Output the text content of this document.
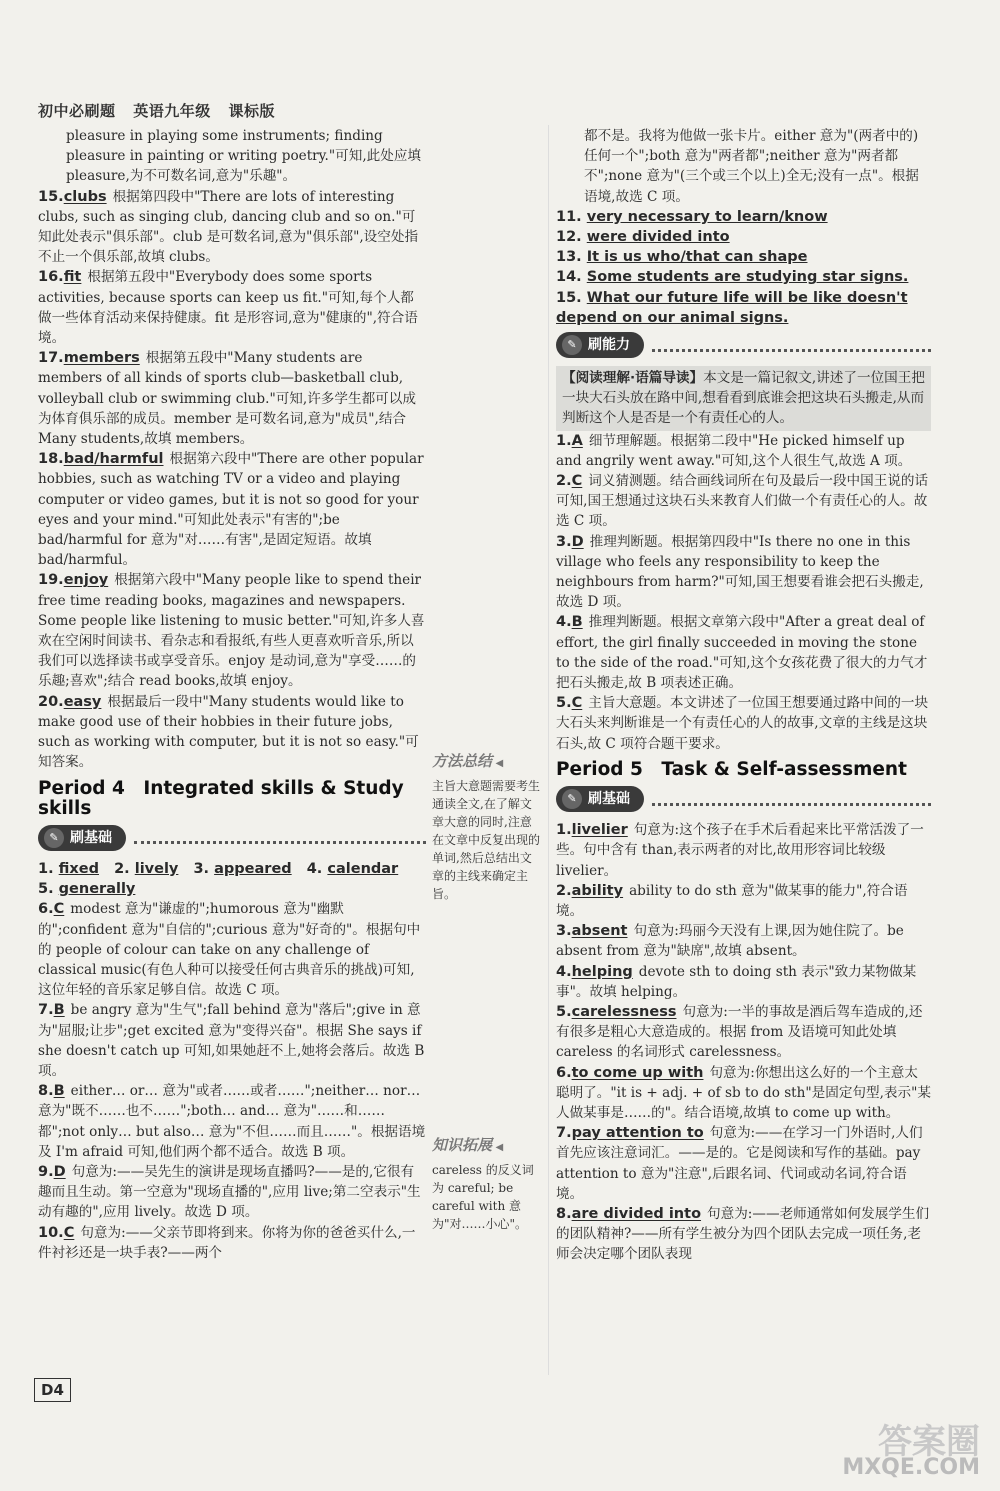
初中必刷题 英语九年级 课标版

pleasure in playing some instruments; finding pleasure in painting or writing poetry."可知,此处应填 pleasure,为不可数名词,意为"乐趣"。

15.clubs 根据第四段中"There are lots of interesting clubs, such as singing club, dancing club and so on."可知此处表示"俱乐部"。club 是可数名词,意为"俱乐部",设空处指不止一个俱乐部,故填 clubs。

16.fit 根据第五段中"Everybody does some sports activities, because sports can keep us fit."可知,每个人都做一些体育活动来保持健康。fit 是形容词,意为"健康的",符合语境。

17.members 根据第五段中"Many students are members of all kinds of sports club—basketball club, volleyball club or swimming club."可知,许多学生都可以成为体育俱乐部的成员。member 是可数名词,意为"成员",结合 Many students,故填 members。

18.bad/harmful 根据第六段中"There are other popular hobbies, such as watching TV or a video and playing computer or video games, but it is not so good for your eyes and your mind."可知此处表示"有害的";be bad/harmful for 意为"对……有害",是固定短语。故填 bad/harmful。

19.enjoy 根据第六段中"Many people like to spend their free time reading books, magazines and newspapers. Some people like listening to music better."可知,许多人喜欢在空闲时间读书、看杂志和看报纸,有些人更喜欢听音乐,所以我们可以选择读书或享受音乐。enjoy 是动词,意为"享受……的乐趣;喜欢";结合 read books,故填 enjoy。

20.easy 根据最后一段中"Many students would like to make good use of their hobbies in their future jobs, such as working with computer, but it is not so easy."可知答案。

Period 4　Integrated skills & Study skills
✎ 刷基础

1. fixed 2. lively 3. appeared 4. calendar

5. generally

6.C modest 意为"谦虚的";humorous 意为"幽默的";confident 意为"自信的";curious 意为"好奇的"。根据句中的 people of colour can take on any challenge of classical music(有色人种可以接受任何古典音乐的挑战)可知,这位年轻的音乐家足够自信。故选 C 项。

7.B be angry 意为"生气";fall behind 意为"落后";give in 意为"屈服;让步";get excited 意为"变得兴奋"。根据 She says if she doesn't catch up 可知,如果她赶不上,她将会落后。故选 B 项。

8.B either… or… 意为"或者……或者……";neither… nor… 意为"既不……也不……";both… and… 意为"……和……都";not only… but also… 意为"不但……而且……"。根据语境及 I'm afraid 可知,他们两个都不适合。故选 B 项。

9.D 句意为:——吴先生的演讲是现场直播吗?——是的,它很有趣而且生动。第一空意为"现场直播的",应用 live;第二空表示"生动有趣的",应用 lively。故选 D 项。

10.C 句意为:——父亲节即将到来。你将为你的爸爸买什么,一件衬衫还是一块手表?——两个

方法总结 ◀
主旨大意题需要考生通读全文,在了解文章大意的同时,注意在文章中反复出现的单词,然后总结出文章的主线来确定主旨。
知识拓展 ◀
careless 的反义词为 careful; be careful with 意为"对……小心"。

都不是。我将为他做一张卡片。either 意为"(两者中的)任何一个";both 意为"两者都";neither 意为"两者都不";none 意为"(三个或三个以上)全无;没有一点"。根据语境,故选 C 项。

11. very necessary to learn/know

12. were divided into

13. It is us who/that can shape

14. Some students are studying star signs.

15. What our future life will be like doesn't depend on our animal signs.

✎ 刷能力

【阅读理解·语篇导读】本文是一篇记叙文,讲述了一位国王把一块大石头放在路中间,想看看到底谁会把这块石头搬走,从而判断这个人是否是一个有责任心的人。

1.A 细节理解题。根据第二段中"He picked himself up and angrily went away."可知,这个人很生气,故选 A 项。

2.C 词义猜测题。结合画线词所在句及最后一段中国王说的话可知,国王想通过这块石头来教育人们做一个有责任心的人。故选 C 项。

3.D 推理判断题。根据第四段中"Is there no one in this village who feels any responsibility to keep the neighbours from harm?"可知,国王想要看谁会把石头搬走,故选 D 项。

4.B 推理判断题。根据文章第六段中"After a great deal of effort, the girl finally succeeded in moving the stone to the side of the road."可知,这个女孩花费了很大的力气才把石头搬走,故 B 项表述正确。

5.C 主旨大意题。本文讲述了一位国王想要通过路中间的一块大石头来判断谁是一个有责任心的人的故事,文章的主线是这块石头,故 C 项符合题干要求。

Period 5　Task & Self-assessment
✎ 刷基础

1.livelier 句意为:这个孩子在手术后看起来比平常活泼了一些。句中含有 than,表示两者的对比,故用形容词比较级 livelier。

2.ability ability to do sth 意为"做某事的能力",符合语境。

3.absent 句意为:玛丽今天没有上课,因为她住院了。be absent from 意为"缺席",故填 absent。

4.helping devote sth to doing sth 表示"致力某物做某事"。故填 helping。

5.carelessness 句意为:一半的事故是酒后驾车造成的,还有很多是粗心大意造成的。根据 from 及语境可知此处填careless 的名词形式 carelessness。

6.to come up with 句意为:你想出这么好的一个主意太聪明了。"it is + adj. + of sb to do sth"是固定句型,表示"某人做某事是……的"。结合语境,故填 to come up with。

7.pay attention to 句意为:——在学习一门外语时,人们首先应该注意词汇。——是的。它是阅读和写作的基础。pay attention to 意为"注意",后跟名词、代词或动名词,符合语境。

8.are divided into 句意为:——老师通常如何发展学生们的团队精神?——所有学生被分为四个团队去完成一项任务,老师会决定哪个团队表现

D4
答案圈
MXQE.COM
